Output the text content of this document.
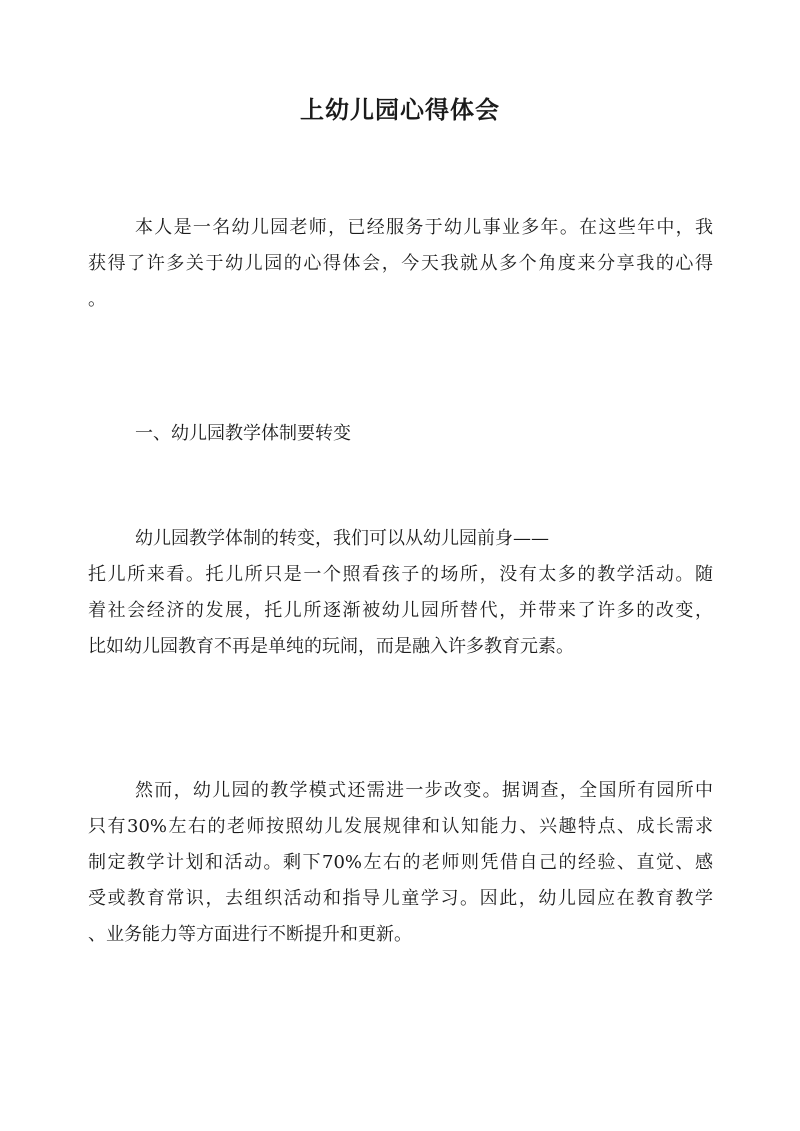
上幼儿园心得体会
本人是一名幼儿园老师，已经服务于幼儿事业多年。在这些年中，我
获得了许多关于幼儿园的心得体会，今天我就从多个角度来分享我的心得
。
一、幼儿园教学体制要转变
幼儿园教学体制的转变，我们可以从幼儿园前身——
托儿所来看。托儿所只是一个照看孩子的场所，没有太多的教学活动。随
着社会经济的发展，托儿所逐渐被幼儿园所替代，并带来了许多的改变，
比如幼儿园教育不再是单纯的玩闹，而是融入许多教育元素。
然而，幼儿园的教学模式还需进一步改变。据调查，全国所有园所中
只有30%左右的老师按照幼儿发展规律和认知能力、兴趣特点、成长需求
制定教学计划和活动。剩下70%左右的老师则凭借自己的经验、直觉、感
受或教育常识，去组织活动和指导儿童学习。因此，幼儿园应在教育教学
、业务能力等方面进行不断提升和更新。
